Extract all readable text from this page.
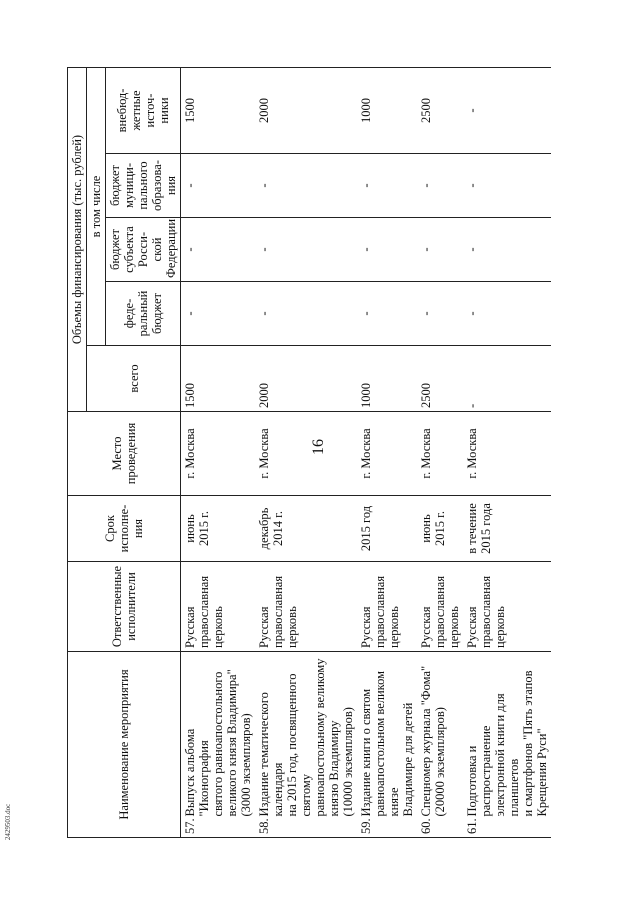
16
2429503.doc
Наименование мероприятия		Ответственные
исполнители	Срок
исполне-
ния	Место
проведения	Объемы финансирования (тыс. рублей)				
					всего	в том числе			
						феде-
ральный
бюджет	бюджет
субъекта
Росси-
ской
Федерации	бюджет
муници-
пального
образова-
ния	внебюд-
жетные
источ-
ники
57.	Выпуск альбома "Иконография
святого равноапостольного
великого князя Владимира"
(3000 экземпляров)	Русская
православная
церковь	июнь
2015 г.	г. Москва	1500	-	-	-	1500
58.	Издание тематического календаря
на 2015 год, посвященного святому
равноапостольному великому
князю Владимиру
(10000 экземпляров)	Русская
православная
церковь	декабрь
2014 г.	г. Москва	2000	-	-	-	2000
59.	Издание книги о святом
равноапостольном великом князе
Владимире для детей	Русская
православная
церковь	2015 год	г. Москва	1000	-	-	-	1000
60.	Спецномер журнала "Фома"
(20000 экземпляров)	Русская
православная
церковь	июнь
2015 г.	г. Москва	2500	-	-	-	2500
61.	Подготовка и распространение
электронной книги для планшетов
и смартфонов "Пять этапов
Крещения Руси"	Русская
православная
церковь	в течение
2015 года	г. Москва	-	-	-	-	-
